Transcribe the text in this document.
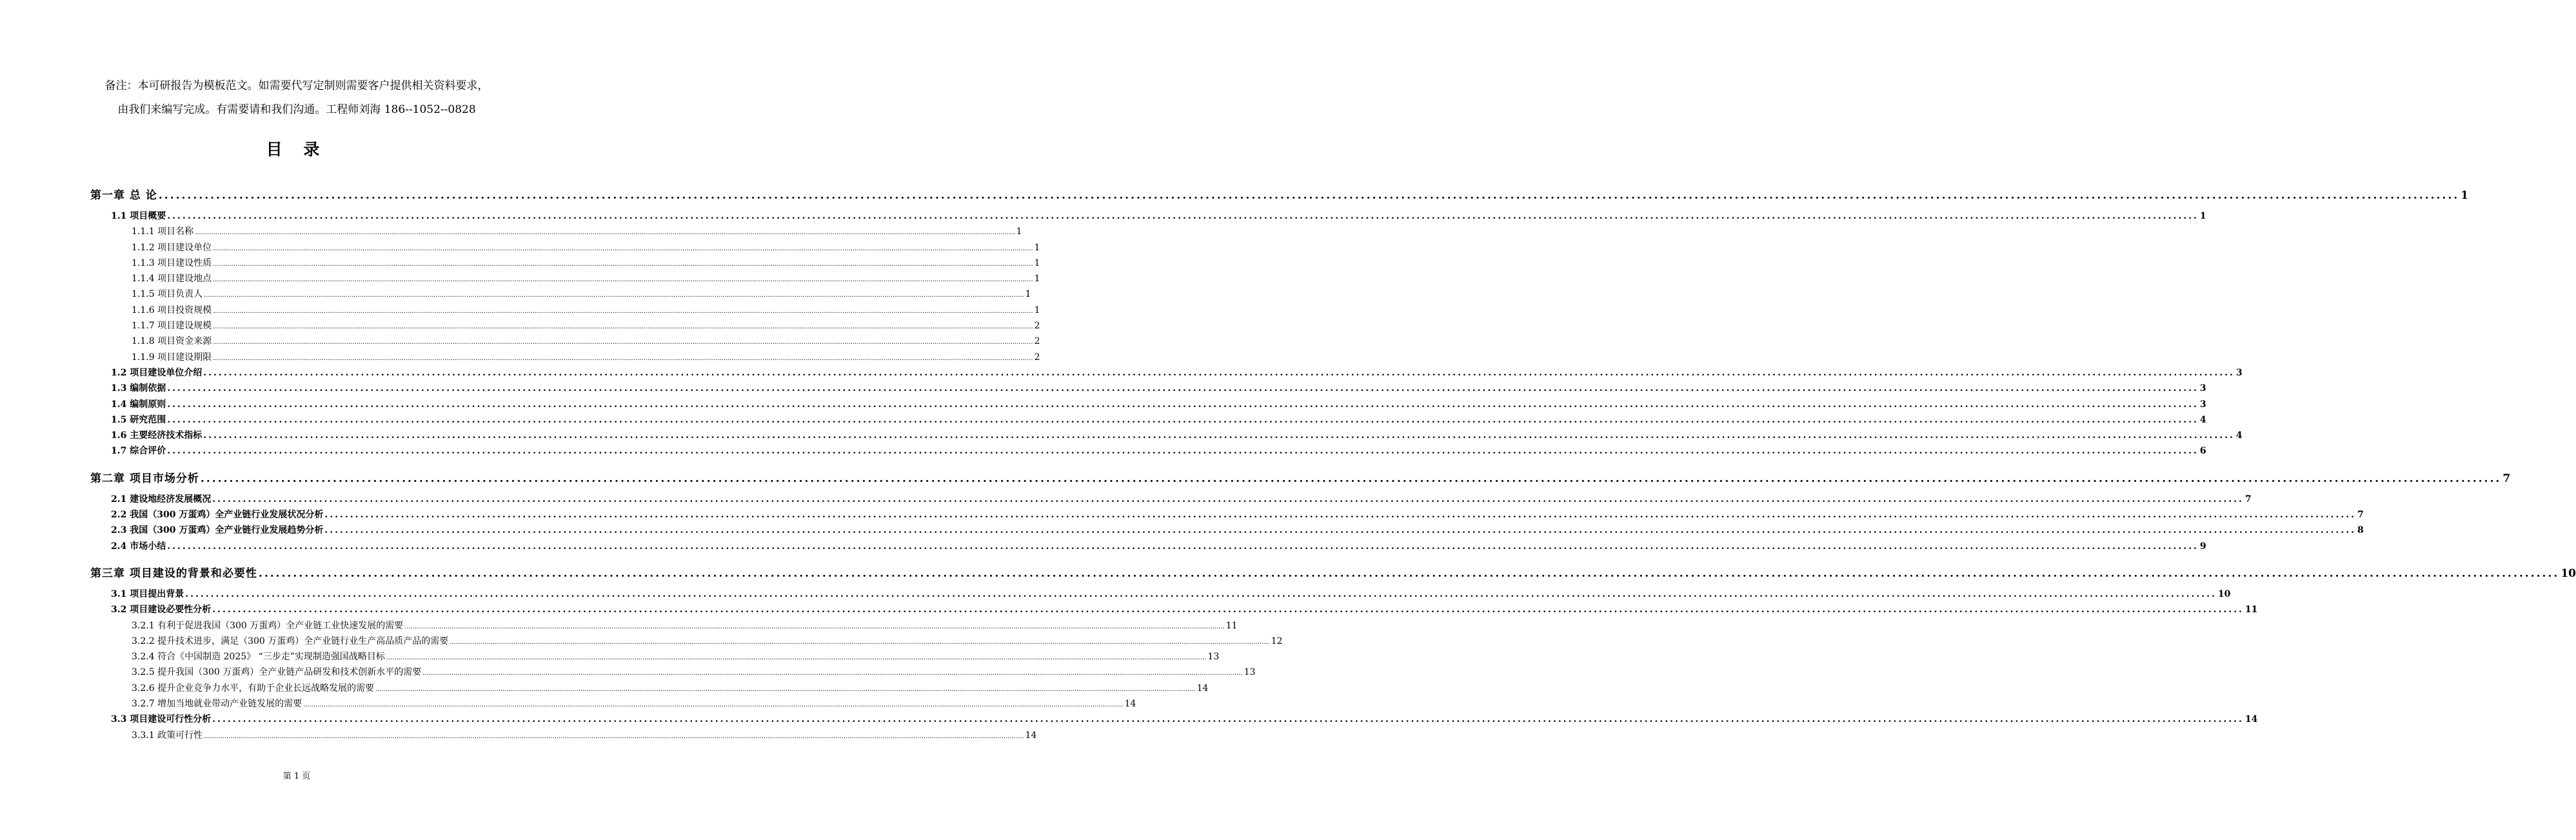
备注：本可研报告为模板范文。如需要代写定制则需要客户提供相关资料要求，
由我们来编写完成。有需要请和我们沟通。工程师刘海 186--1052--0828
目 录
第一章 总 论 ................................................................................................................................................................................................................................................................................................................................................................................................................ 1
1.1 项目概要 ................................................................................................................................................................................................................................................................................................................................................................................................................ 1
1.1.1 项目名称 ................................................................................................................................................................................................................................................................................................................................................................................................................ 1
1.1.2 项目建设单位 ................................................................................................................................................................................................................................................................................................................................................................................................................ 1
1.1.3 项目建设性质 ................................................................................................................................................................................................................................................................................................................................................................................................................ 1
1.1.4 项目建设地点 ................................................................................................................................................................................................................................................................................................................................................................................................................ 1
1.1.5 项目负责人 ................................................................................................................................................................................................................................................................................................................................................................................................................ 1
1.1.6 项目投资规模 ................................................................................................................................................................................................................................................................................................................................................................................................................ 1
1.1.7 项目建设规模 ................................................................................................................................................................................................................................................................................................................................................................................................................ 2
1.1.8 项目资金来源 ................................................................................................................................................................................................................................................................................................................................................................................................................ 2
1.1.9 项目建设期限 ................................................................................................................................................................................................................................................................................................................................................................................................................ 2
1.2 项目建设单位介绍 ................................................................................................................................................................................................................................................................................................................................................................................................................ 3
1.3 编制依据 ................................................................................................................................................................................................................................................................................................................................................................................................................ 3
1.4 编制原则 ................................................................................................................................................................................................................................................................................................................................................................................................................ 3
1.5 研究范围 ................................................................................................................................................................................................................................................................................................................................................................................................................ 4
1.6 主要经济技术指标 ................................................................................................................................................................................................................................................................................................................................................................................................................ 4
1.7 综合评价 ................................................................................................................................................................................................................................................................................................................................................................................................................ 6
第二章 项目市场分析 ................................................................................................................................................................................................................................................................................................................................................................................................................ 7
2.1 建设地经济发展概况 ................................................................................................................................................................................................................................................................................................................................................................................................................ 7
2.2 我国（300 万蛋鸡）全产业链行业发展状况分析 ................................................................................................................................................................................................................................................................................................................................................................................................................ 7
2.3 我国（300 万蛋鸡）全产业链行业发展趋势分析 ................................................................................................................................................................................................................................................................................................................................................................................................................ 8
2.4 市场小结 ................................................................................................................................................................................................................................................................................................................................................................................................................ 9
第三章 项目建设的背景和必要性 ................................................................................................................................................................................................................................................................................................................................................................................................................ 10
3.1 项目提出背景 ................................................................................................................................................................................................................................................................................................................................................................................................................ 10
3.2 项目建设必要性分析 ................................................................................................................................................................................................................................................................................................................................................................................................................ 11
3.2.1 有利于促进我国（300 万蛋鸡）全产业链工业快速发展的需要 ................................................................................................................................................................................................................................................................................................................................................................................................................ 11
3.2.2 提升技术进步，满足（300 万蛋鸡）全产业链行业生产高品质产品的需要 ................................................................................................................................................................................................................................................................................................................................................................................................................ 12
3.2.4 符合《中国制造 2025》 “三步走”实现制造强国战略目标 ................................................................................................................................................................................................................................................................................................................................................................................................................ 13
3.2.5 提升我国（300 万蛋鸡）全产业链产品研发和技术创新水平的需要 ................................................................................................................................................................................................................................................................................................................................................................................................................ 13
3.2.6 提升企业竞争力水平，有助于企业长远战略发展的需要 ................................................................................................................................................................................................................................................................................................................................................................................................................ 14
3.2.7 增加当地就业带动产业链发展的需要 ................................................................................................................................................................................................................................................................................................................................................................................................................ 14
3.3 项目建设可行性分析 ................................................................................................................................................................................................................................................................................................................................................................................................................ 14
3.3.1 政策可行性 ................................................................................................................................................................................................................................................................................................................................................................................................................ 14
第 1 页
